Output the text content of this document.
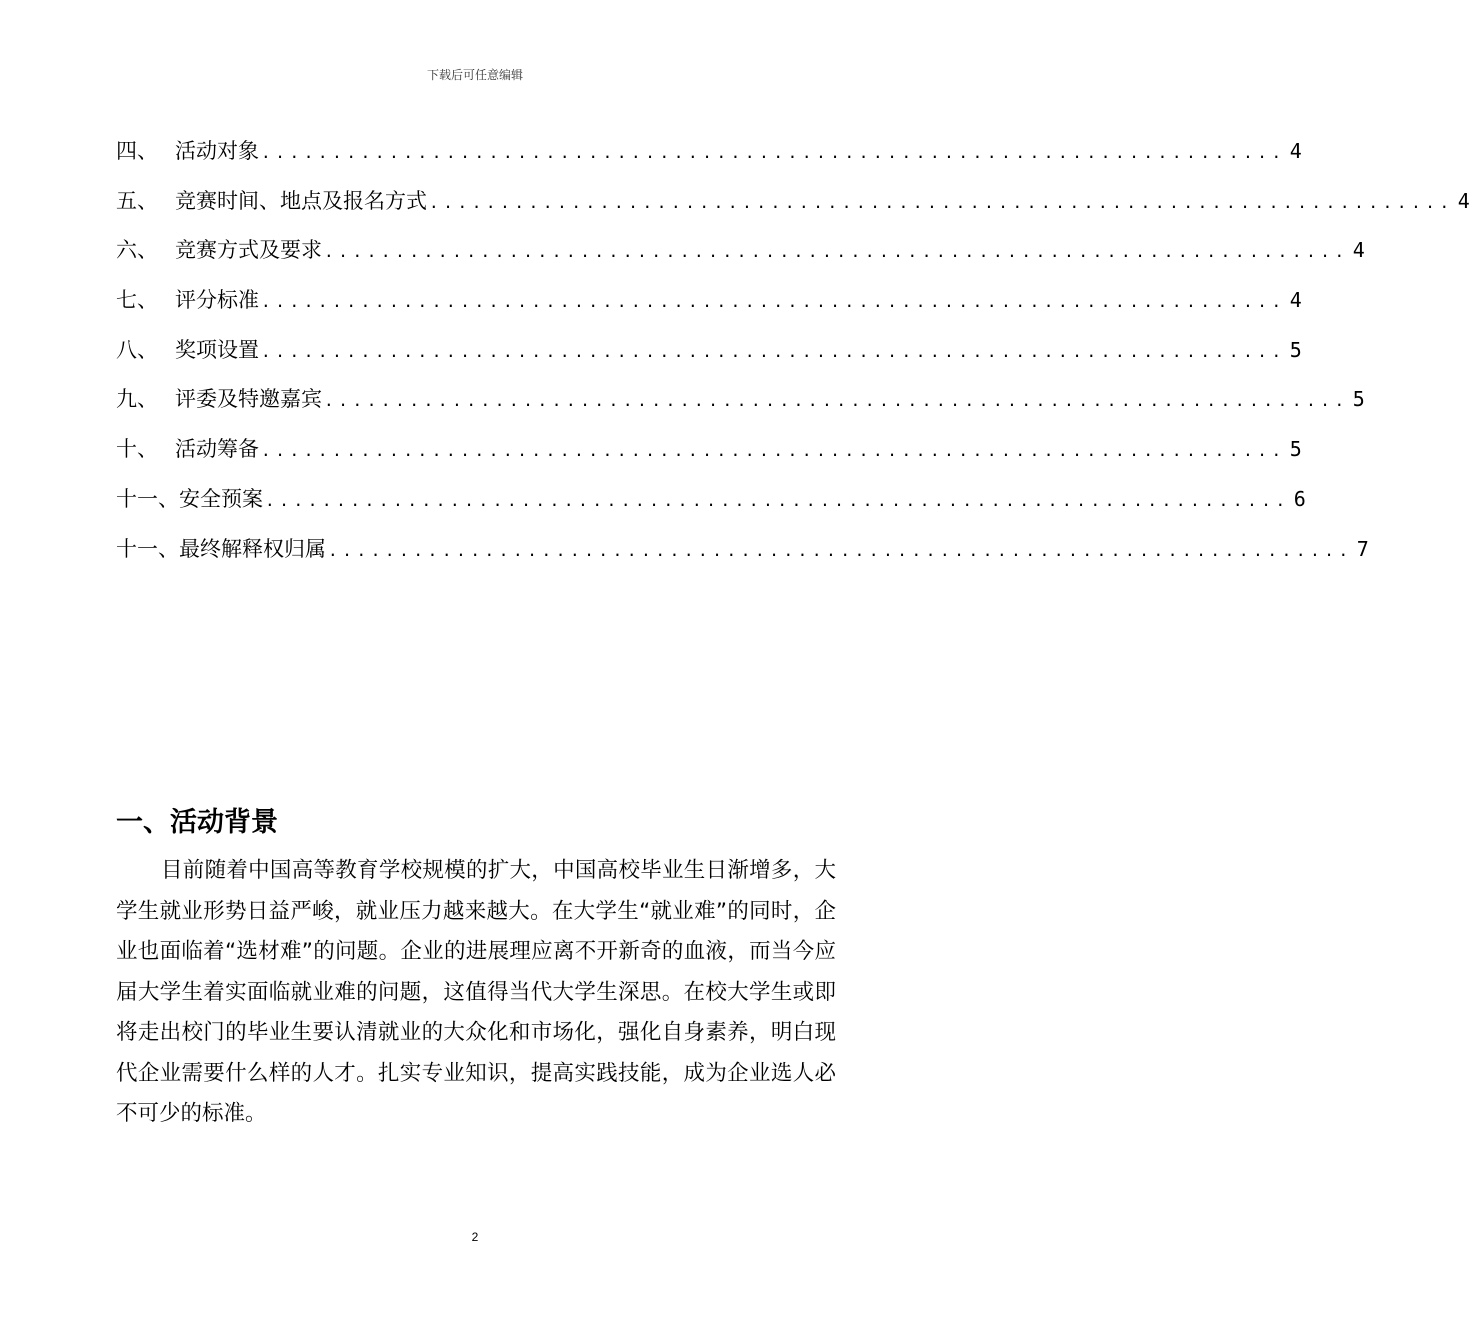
下载后可任意编辑
四、 活动对象 ........................................................................ 4
五、 竞赛时间、地点及报名方式 ........................................................................ 4
六、 竞赛方式及要求 ........................................................................ 4
七、 评分标准 ........................................................................ 4
八、 奖项设置 ........................................................................ 5
九、 评委及特邀嘉宾 ........................................................................ 5
十、 活动筹备 ........................................................................ 5
十一、 安全预案 ........................................................................ 6
十一、 最终解释权归属 ........................................................................ 7
一、活动背景

目前随着中国高等教育学校规模的扩大，中国高校毕业生日渐增多，大学生就业形势日益严峻，就业压力越来越大。在大学生“就业难”的同时，企业也面临着“选材难”的问题。企业的进展理应离不开新奇的血液，而当今应届大学生着实面临就业难的问题，这值得当代大学生深思。在校大学生或即将走出校门的毕业生要认清就业的大众化和市场化，强化自身素养，明白现代企业需要什么样的人才。扎实专业知识，提高实践技能，成为企业选人必不可少的标准。

2
